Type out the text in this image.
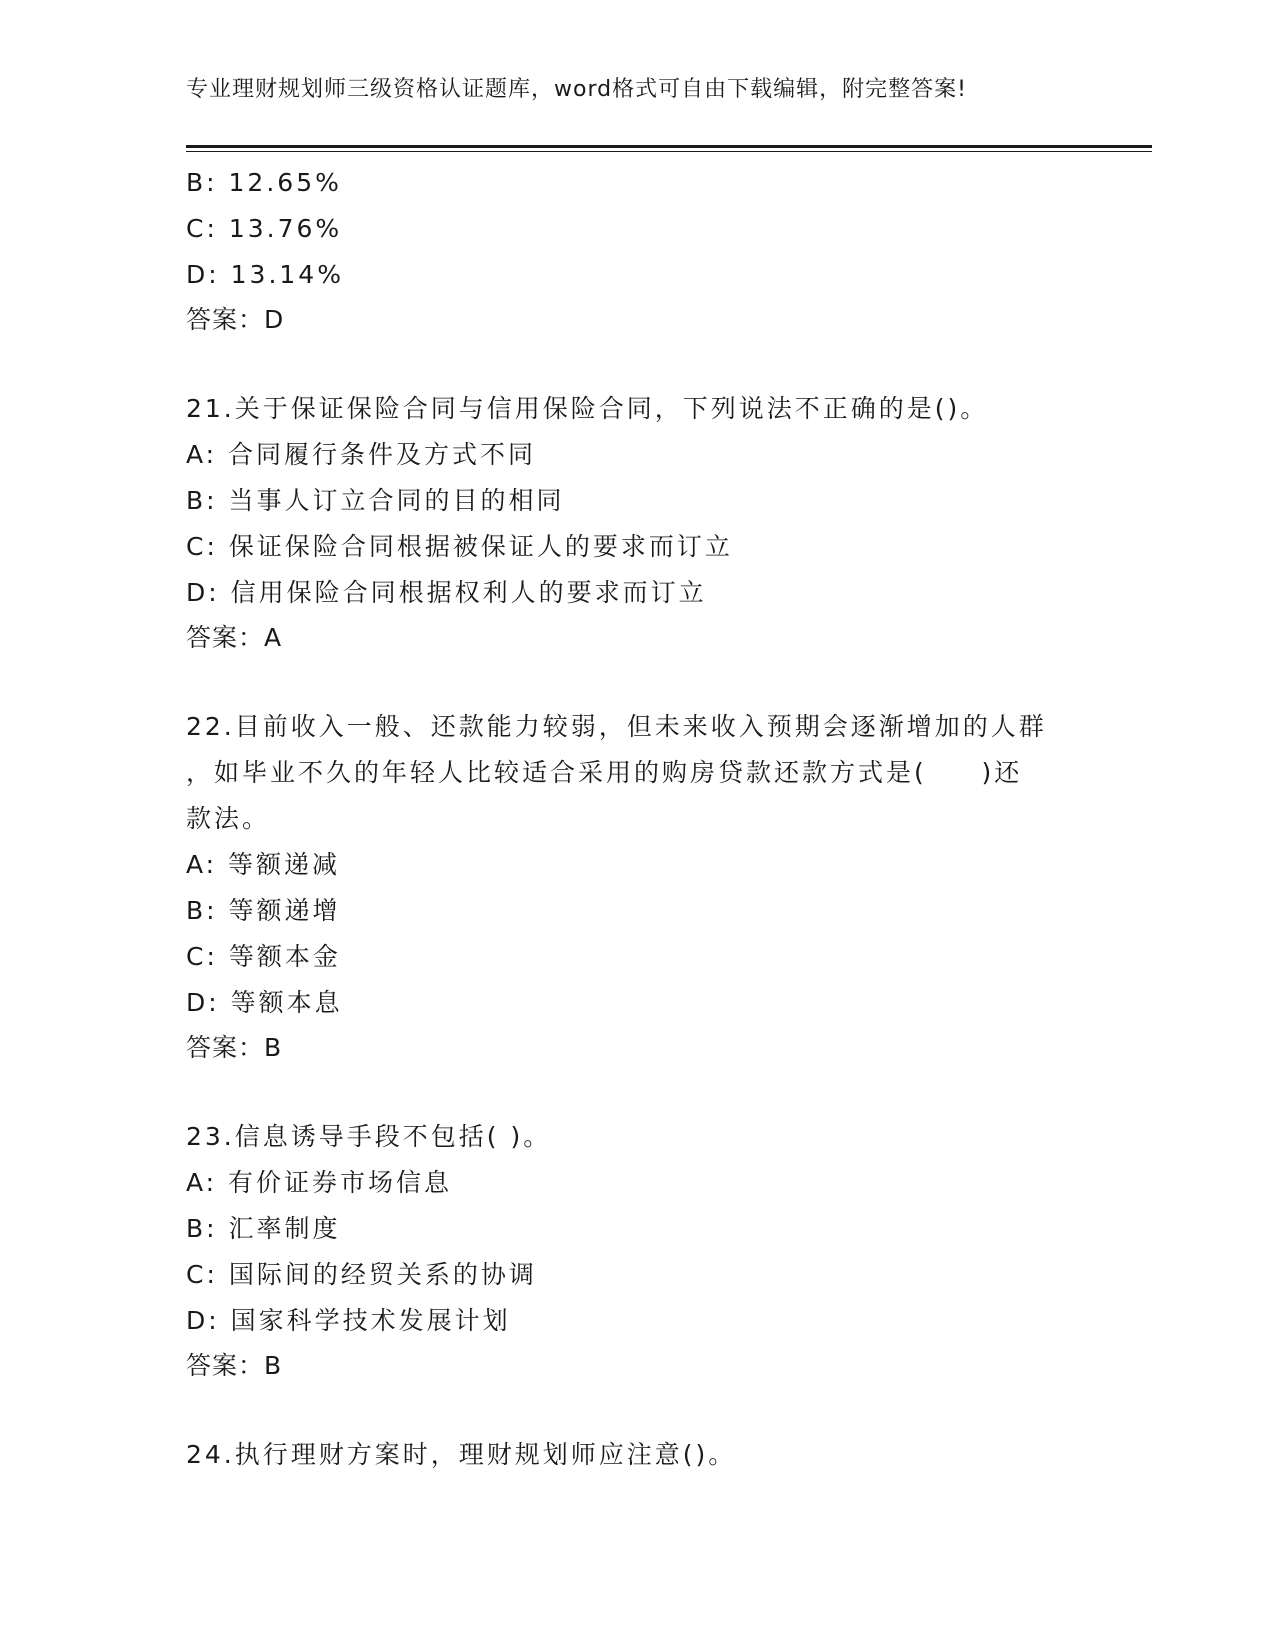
专业理财规划师三级资格认证题库，word格式可自由下载编辑，附完整答案!
B: 12.65%
C: 13.76%
D: 13.14%
答案：D
21.关于保证保险合同与信用保险合同，下列说法不正确的是()。
A: 合同履行条件及方式不同
B: 当事人订立合同的目的相同
C: 保证保险合同根据被保证人的要求而订立
D: 信用保险合同根据权利人的要求而订立
答案：A
22.目前收入一般、还款能力较弱，但未来收入预期会逐渐增加的人群
，如毕业不久的年轻人比较适合采用的购房贷款还款方式是(     )还
款法。
A: 等额递减
B: 等额递增
C: 等额本金
D: 等额本息
答案：B
23.信息诱导手段不包括( )。
A: 有价证券市场信息
B: 汇率制度
C: 国际间的经贸关系的协调
D: 国家科学技术发展计划
答案：B
24.执行理财方案时，理财规划师应注意()。
